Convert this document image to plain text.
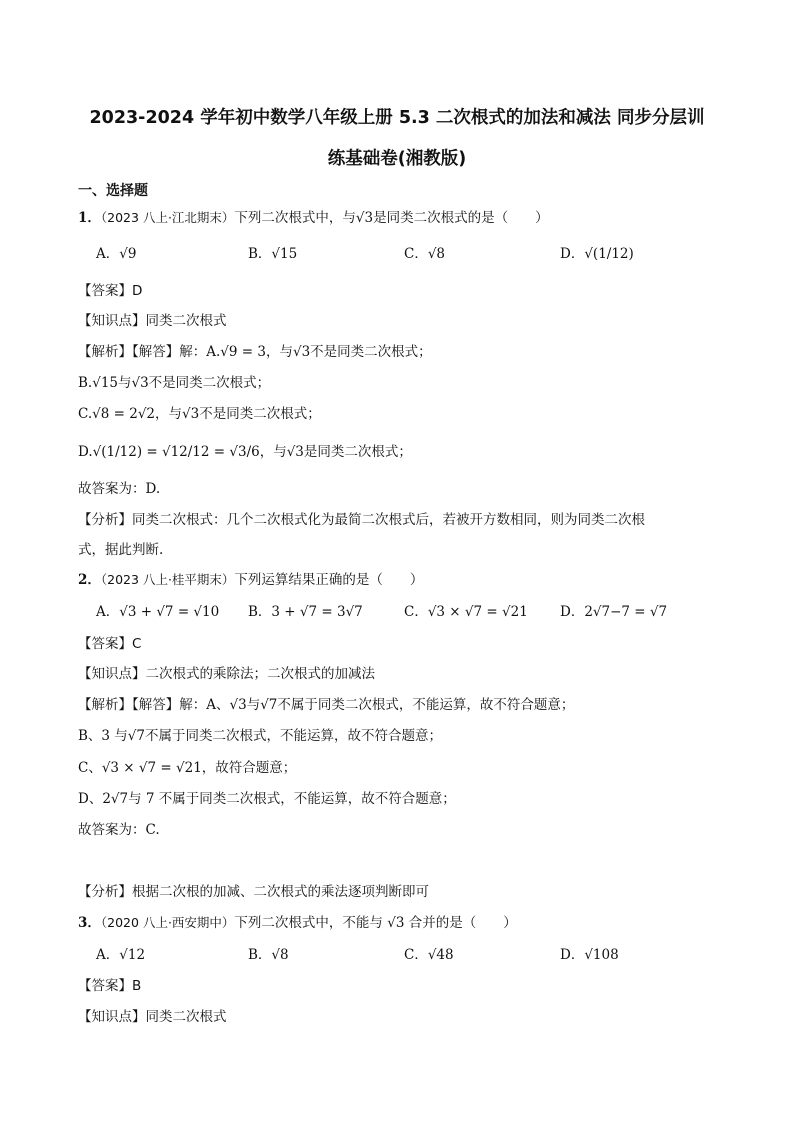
2023-2024 学年初中数学八年级上册 5.3 二次根式的加法和减法 同步分层训
练基础卷(湘教版)
一、选择题
1．（2023 八上·江北期末）下列二次根式中，与√3是同类二次根式的是（　　）
A．√9	B．√15	C．√8	D．√(1/12)
【答案】D
【知识点】同类二次根式
【解析】【解答】解：A.√9 = 3，与√3不是同类二次根式；
B.√15与√3不是同类二次根式；
C.√8 = 2√2，与√3不是同类二次根式；
D.√(1/12) = √12/12 = √3/6，与√3是同类二次根式；
故答案为：D.
【分析】同类二次根式：几个二次根式化为最简二次根式后，若被开方数相同，则为同类二次根
式，据此判断.
2．（2023 八上·桂平期末）下列运算结果正确的是（　　）
A．√3 + √7 = √10 B．3 + √7 = 3√7	C．√3 × √7 = √21 D．2√7−7 = √7
【答案】C
【知识点】二次根式的乘除法；二次根式的加减法
【解析】【解答】解：A、√3与√7不属于同类二次根式，不能运算，故不符合题意；
B、3 与√7不属于同类二次根式，不能运算，故不符合题意；
C、√3 × √7 = √21，故符合题意；
D、2√7与 7 不属于同类二次根式，不能运算，故不符合题意；
故答案为：C.
【分析】根据二次根的加减、二次根式的乘法逐项判断即可
3．（2020 八上·西安期中）下列二次根式中，不能与 √3 合并的是（　　）
A．√12	B．√8	C．√48	D．√108
【答案】B
【知识点】同类二次根式
